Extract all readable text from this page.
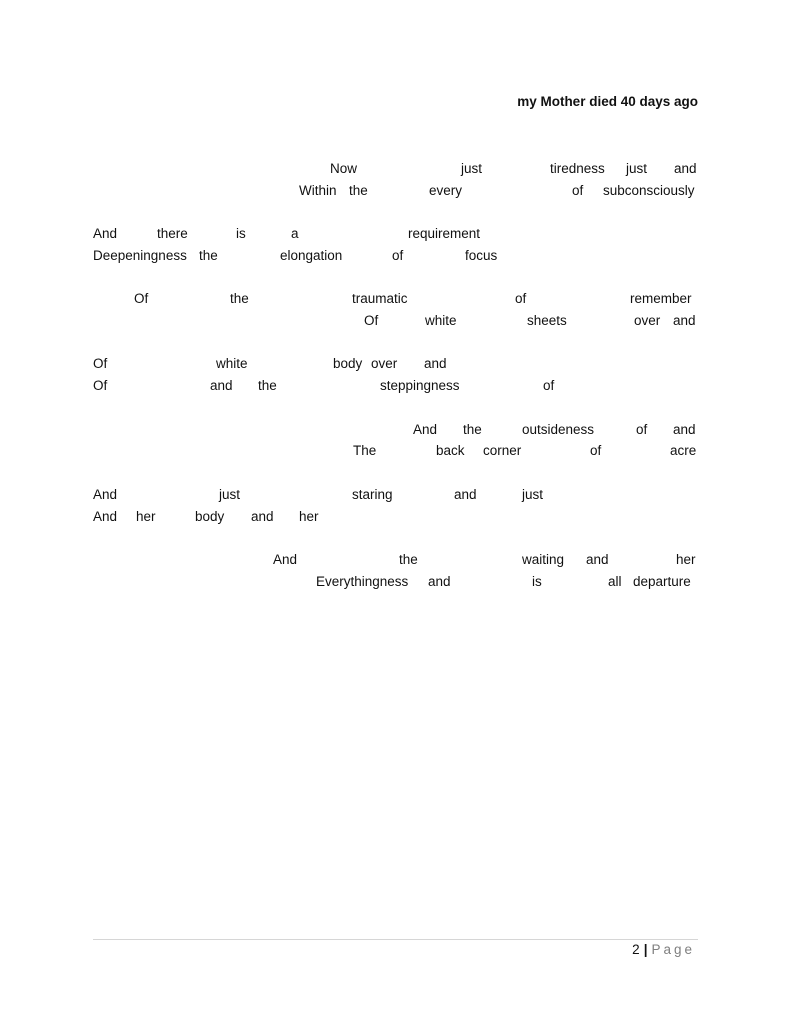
my Mother died 40 days ago
Now	just	tiredness just and
Within the	every	of subconsciously
And	there	is	a	requirement
Deepeningness the	elongation	of	focus
Of	the	traumatic	of	remember
Of	white	sheets	over and
Of	white	body over and
Of	and the	steppingness	of
And the	outsideness	of and
The	back corner	of	acre
And	just	staring	and	just
And her	body and her
And	the	waiting and	her
Everythingness and	is	all departure
2 | Page
